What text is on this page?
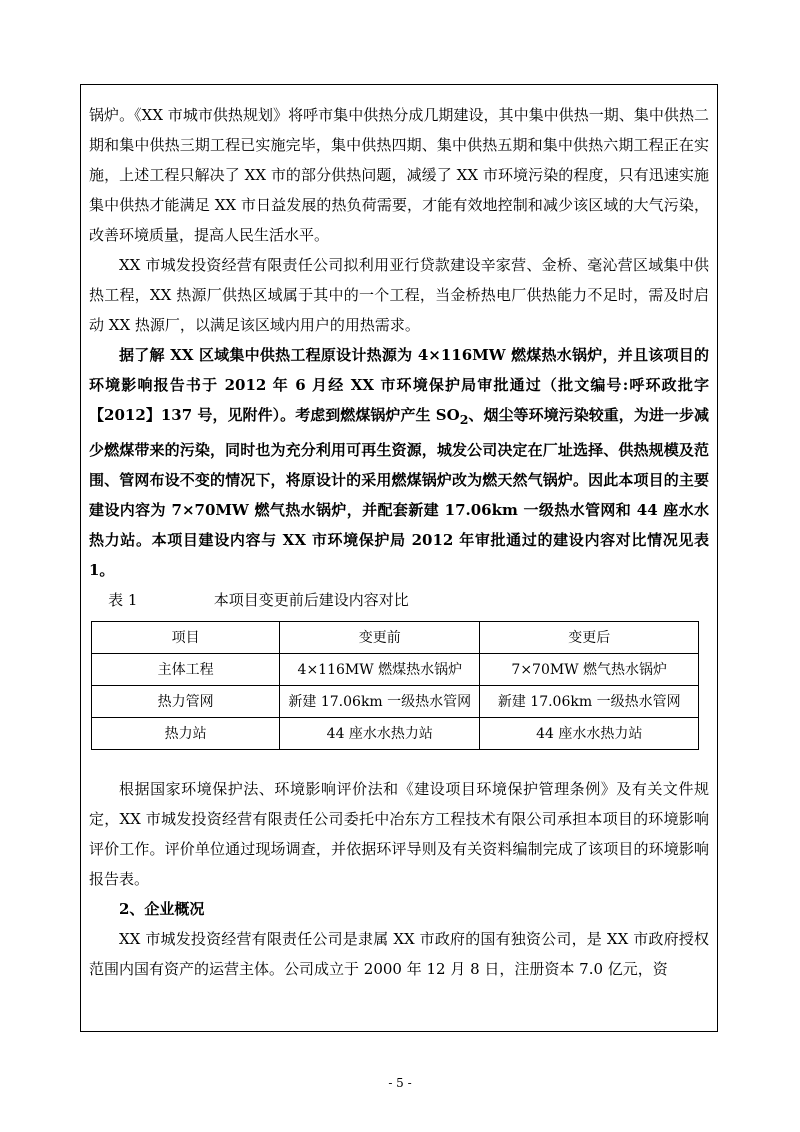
锅炉。《XX 市城市供热规划》将呼市集中供热分成几期建设，其中集中供热一期、集中供热二期和集中供热三期工程已实施完毕，集中供热四期、集中供热五期和集中供热六期工程正在实施，上述工程只解决了 XX 市的部分供热问题，减缓了 XX 市环境污染的程度，只有迅速实施集中供热才能满足 XX 市日益发展的热负荷需要，才能有效地控制和减少该区域的大气污染，改善环境质量，提高人民生活水平。

XX 市城发投资经营有限责任公司拟利用亚行贷款建设辛家营、金桥、毫沁营区域集中供热工程，XX 热源厂供热区域属于其中的一个工程，当金桥热电厂供热能力不足时，需及时启动 XX 热源厂，以满足该区域内用户的用热需求。

据了解 XX 区域集中供热工程原设计热源为 4×116MW 燃煤热水锅炉，并且该项目的环境影响报告书于 2012 年 6 月经 XX 市环境保护局审批通过（批文编号:呼环政批字【2012】137 号，见附件）。考虑到燃煤锅炉产生 $SO_2$、烟尘等环境污染较重，为进一步减少燃煤带来的污染，同时也为充分利用可再生资源，城发公司决定在厂址选择、供热规模及范围、管网布设不变的情况下，将原设计的采用燃煤锅炉改为燃天然气锅炉。因此本项目的主要建设内容为 7×70MW 燃气热水锅炉，并配套新建 17.06km 一级热水管网和 44 座水水热力站。本项目建设内容与 XX 市环境保护局 2012 年审批通过的建设内容对比情况见表 1。

表 1	本项目变更前后建设内容对比
项目	变更前	变更后
主体工程	4×116MW 燃煤热水锅炉	7×70MW 燃气热水锅炉
热力管网	新建 17.06km 一级热水管网	新建 17.06km 一级热水管网
热力站	44 座水水热力站	44 座水水热力站

根据国家环境保护法、环境影响评价法和《建设项目环境保护管理条例》及有关文件规定，XX 市城发投资经营有限责任公司委托中冶东方工程技术有限公司承担本项目的环境影响评价工作。评价单位通过现场调查，并依据环评导则及有关资料编制完成了该项目的环境影响报告表。

2、企业概况

XX 市城发投资经营有限责任公司是隶属 XX 市政府的国有独资公司，是 XX 市政府授权范围内国有资产的运营主体。公司成立于 2000 年 12 月 8 日，注册资本 7.0 亿元，资

- 5 -
